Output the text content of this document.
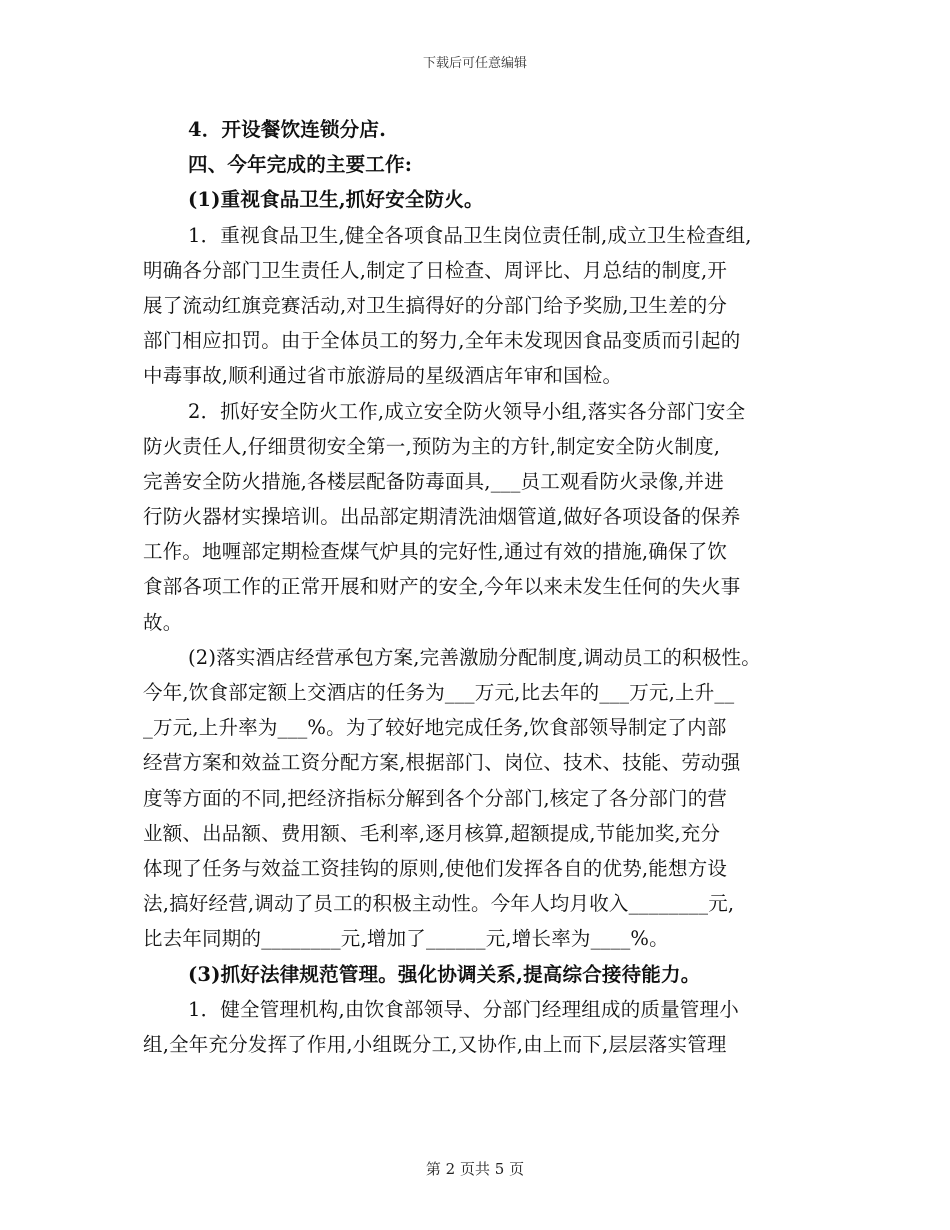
下载后可任意编辑
4．开设餐饮连锁分店.
四、今年完成的主要工作:
(1)重视食品卫生,抓好安全防火。
1．重视食品卫生,健全各项食品卫生岗位责任制,成立卫生检查组,
明确各分部门卫生责任人,制定了日检查、周评比、月总结的制度,开
展了流动红旗竞赛活动,对卫生搞得好的分部门给予奖励,卫生差的分
部门相应扣罚。由于全体员工的努力,全年未发现因食品变质而引起的
中毒事故,顺利通过省市旅游局的星级酒店年审和国检。
2．抓好安全防火工作,成立安全防火领导小组,落实各分部门安全
防火责任人,仔细贯彻安全第一,预防为主的方针,制定安全防火制度,
完善安全防火措施,各楼层配备防毒面具,___员工观看防火录像,并进
行防火器材实操培训。出品部定期清洗油烟管道,做好各项设备的保养
工作。地喱部定期检查煤气炉具的完好性,通过有效的措施,确保了饮
食部各项工作的正常开展和财产的安全,今年以来未发生任何的失火事
故。
(2)落实酒店经营承包方案,完善激励分配制度,调动员工的积极性。
今年,饮食部定额上交酒店的任务为___万元,比去年的___万元,上升__
_万元,上升率为___%。为了较好地完成任务,饮食部领导制定了内部
经营方案和效益工资分配方案,根据部门、岗位、技术、技能、劳动强
度等方面的不同,把经济指标分解到各个分部门,核定了各分部门的营
业额、出品额、费用额、毛利率,逐月核算,超额提成,节能加奖,充分
体现了任务与效益工资挂钩的原则,使他们发挥各自的优势,能想方设
法,搞好经营,调动了员工的积极主动性。今年人均月收入________元,
比去年同期的________元,增加了______元,增长率为____%。
(3)抓好法律规范管理。强化协调关系,提高综合接待能力。
1．健全管理机构,由饮食部领导、分部门经理组成的质量管理小
组,全年充分发挥了作用,小组既分工,又协作,由上而下,层层落实管理
第 2 页共 5 页
